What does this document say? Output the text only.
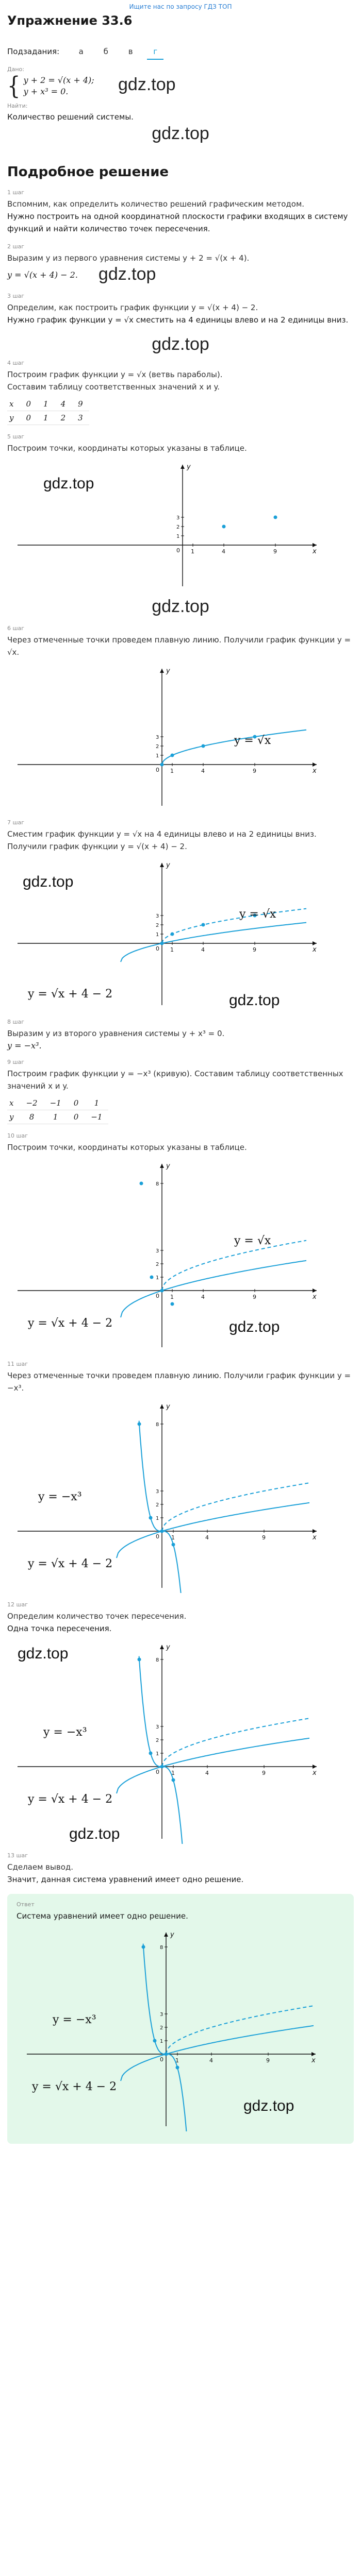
Ищите нас по запросу ГДЗ ТОП
Упражнение 33.6
Подзадания:	а	б	в	г
Дано:
{ y + 2 = √(x + 4);
y + x³ = 0.	gdz.top
Найти:
Количество решений системы.
gdz.top
Подробное решение
1 шаг
Вспомним, как определить количество решений графическим методом.
Нужно построить на одной координатной плоскости графики входящих в систему функций и найти количество точек пересечения.
2 шаг
Выразим y из первого уравнения системы y + 2 = √(x + 4).
y = √(x + 4) − 2. gdz.top
3 шаг
Определим, как построить график функции y = √(x + 4) − 2.
Нужно график функции y = √x сместить на 4 единицы влево и на 2 единицы вниз.
gdz.top
4 шаг
Построим график функции y = √x (ветвь параболы).
Составим таблицу соответственных значений x и y.
x	0	1	4	9
y	0	1	2	3
5 шаг
Построим точки, координаты которых указаны в таблице.
x
y
0 1	4	9
1
2
3
gdz.top
gdz.top
6 шаг
Через отмеченные точки проведем плавную линию. Получили график функции y = √x.
x
y
0 1	4	9
1
2
3	y = √x
7 шаг
Сместим график функции y = √x на 4 единицы влево и на 2 единицы вниз.
Получили график функции y = √(x + 4) − 2.
x
y
0 1	4	9
1
2
3	y = √x
y = √x + 4 − 2
gdz.top
gdz.top
8 шаг
Выразим y из второго уравнения системы y + x³ = 0.
y = −x³.
9 шаг
Построим график функции y = −x³ (кривую). Составим таблицу соответственных значений x и y.
x	−2	−1	0	1
y	8	1	0	−1
10 шаг
Построим точки, координаты которых указаны в таблице.
x
y
0 1	4	9
1
2
3
8
y = √x
y = √x + 4 − 2	gdz.top
11 шаг
Через отмеченные точки проведем плавную линию. Получили график функции y = −x³.
x
y
0 1	4	9
1
2
3
8
y = −x³
y = √x + 4 − 2
12 шаг
Определим количество точек пересечения.
Одна точка пересечения.
x
y
0 1	4	9
1
2
3
8
y = −x³
y = √x + 4 − 2
gdz.top
gdz.top
13 шаг
Сделаем вывод.
Значит, данная система уравнений имеет одно решение.
Ответ
Система уравнений имеет одно решение.
x
y
0 1	4	9
1
2
3
8
y = −x³
y = √x + 4 − 2
gdz.top
